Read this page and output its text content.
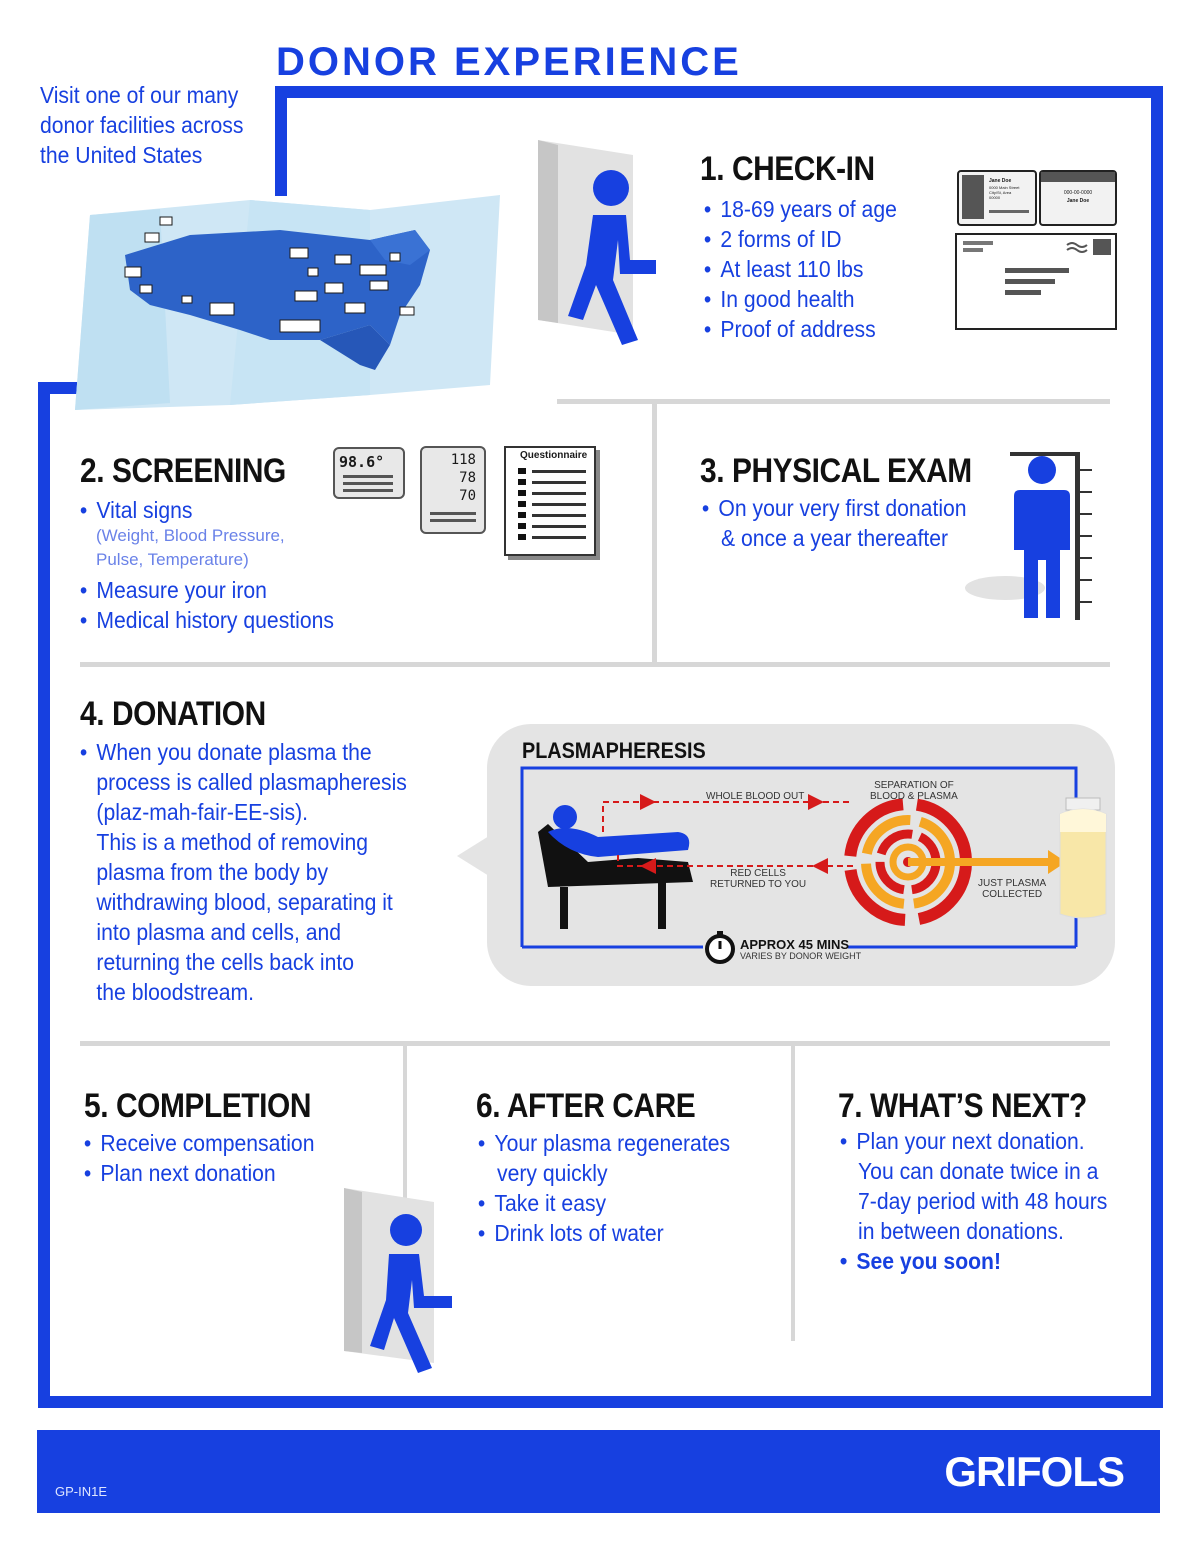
DONOR EXPERIENCE
Visit one of our many
donor facilities across
the United States	1. CHECK-IN
• 18-69 years of age
• 2 forms of ID
• At least 110 lbs
• In good health
• Proof of address
Jane Doe
0000 Main Street
City/St, Area
00000
000-00-0000
Jane Doe
2. SCREENING
• Vital signs
(Weight, Blood Pressure,
Pulse, Temperature)
• Measure your iron
• Medical history questions
98.6°	118
78
70
Questionnaire	3. PHYSICAL EXAM
• On your very first donation
& once a year thereafter
4. DONATION
• When you donate plasma the
process is called plasmapheresis
(plaz-mah-fair-EE-sis).
This is a method of removing
plasma from the body by
withdrawing blood, separating it
into plasma and cells, and
returning the cells back into
the bloodstream.
PLASMAPHERESIS
WHOLE BLOOD OUT
SEPARATION OF
BLOOD & PLASMA
RED CELLS
RETURNED TO YOU	JUST PLASMA
COLLECTED
APPROX 45 MINS
VARIES BY DONOR WEIGHT
5. COMPLETION
• Receive compensation
• Plan next donation
6. AFTER CARE
• Your plasma regenerates
very quickly
• Take it easy
• Drink lots of water
7. WHAT’S NEXT?
• Plan your next donation.
You can donate twice in a
7-day period with 48 hours
in between donations.
• See you soon!
GP-IN1E	GRIFOLS
